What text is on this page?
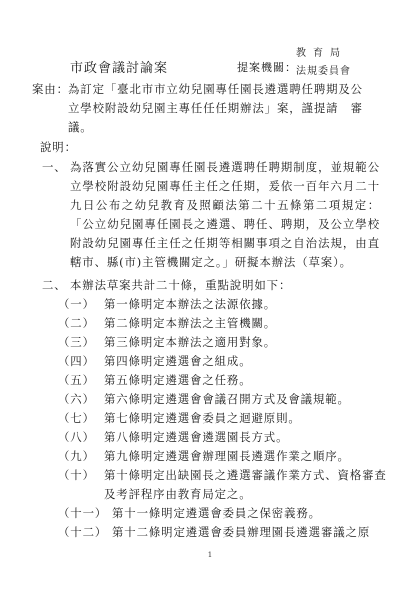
市政會議討論案	提案機關：
教育局
法規委員會
案由： 為訂定「臺北市市立幼兒園專任園長遴選聘任聘期及公立學校附設幼兒園主專任任任期辦法」案，謹提請　審議。
說明：
一、 為落實公立幼兒園專任園長遴選聘任聘期制度，並規範公立學校附設幼兒園專任主任之任期，爰依一百年六月二十九日公布之幼兒教育及照顧法第二十五條第二項規定：「公立幼兒園專任園長之遴選、聘任、聘期，及公立學校附設幼兒園專任主任之任期等相關事項之自治法規，由直轄市、縣(市)主管機關定之。」研擬本辦法（草案）。
二、 本辦法草案共計二十條，重點說明如下：
（一） 第一條明定本辦法之法源依據。
（二） 第二條明定本辦法之主管機關。
（三） 第三條明定本辦法之適用對象。
（四） 第四條明定遴選會之組成。
（五） 第五條明定遴選會之任務。
（六） 第六條明定遴選會會議召開方式及會議規範。
（七） 第七條明定遴選會委員之迴避原則。
（八） 第八條明定遴選會遴選園長方式。
（九） 第九條明定遴選會辦理園長遴選作業之順序。
（十） 第十條明定出缺園長之遴選審議作業方式、資格審查及考評程序由教育局定之。
（十一） 第十一條明定遴選會委員之保密義務。
（十二） 第十二條明定遴選會委員辦理園長遴選審議之原
1
